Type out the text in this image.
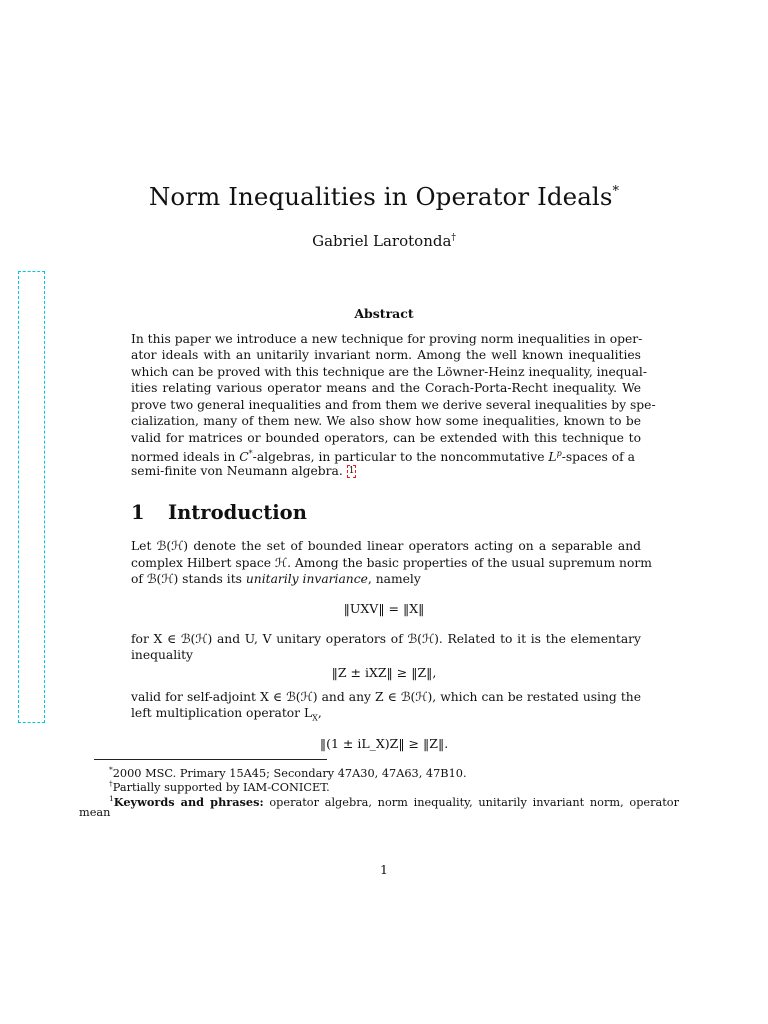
Norm Inequalities in Operator Ideals*
Gabriel Larotonda†
Abstract
In this paper we introduce a new technique for proving norm inequalities in oper-
ator ideals with an unitarily invariant norm. Among the well known inequalities
which can be proved with this technique are the Löwner-Heinz inequality, inequal-
ities relating various operator means and the Corach-Porta-Recht inequality. We
prove two general inequalities and from them we derive several inequalities by spe-
cialization, many of them new. We also show how some inequalities, known to be
valid for matrices or bounded operators, can be extended with this technique to
normed ideals in C*-algebras, in particular to the noncommutative $L^p$-spaces of a
semi-finite von Neumann algebra. 1
1 Introduction
Let ℬ(ℋ) denote the set of bounded linear operators acting on a separable and
complex Hilbert space ℋ. Among the basic properties of the usual supremum norm
of ℬ(ℋ) stands its unitarily invariance, namely
‖UXV‖ = ‖X‖
for X ∈ ℬ(ℋ) and U, V unitary operators of ℬ(ℋ). Related to it is the elementary
inequality
‖Z ± iXZ‖ ≥ ‖Z‖,
valid for self-adjoint X ∈ ℬ(ℋ) and any Z ∈ ℬ(ℋ), which can be restated using the
left multiplication operator $L_X$,
‖(1 ± iL_X)Z‖ ≥ ‖Z‖.
*2000 MSC. Primary 15A45; Secondary 47A30, 47A63, 47B10.
†Partially supported by IAM-CONICET.
$^1$Keywords and phrases: operator algebra, norm inequality, unitarily invariant norm, operator
mean
1
